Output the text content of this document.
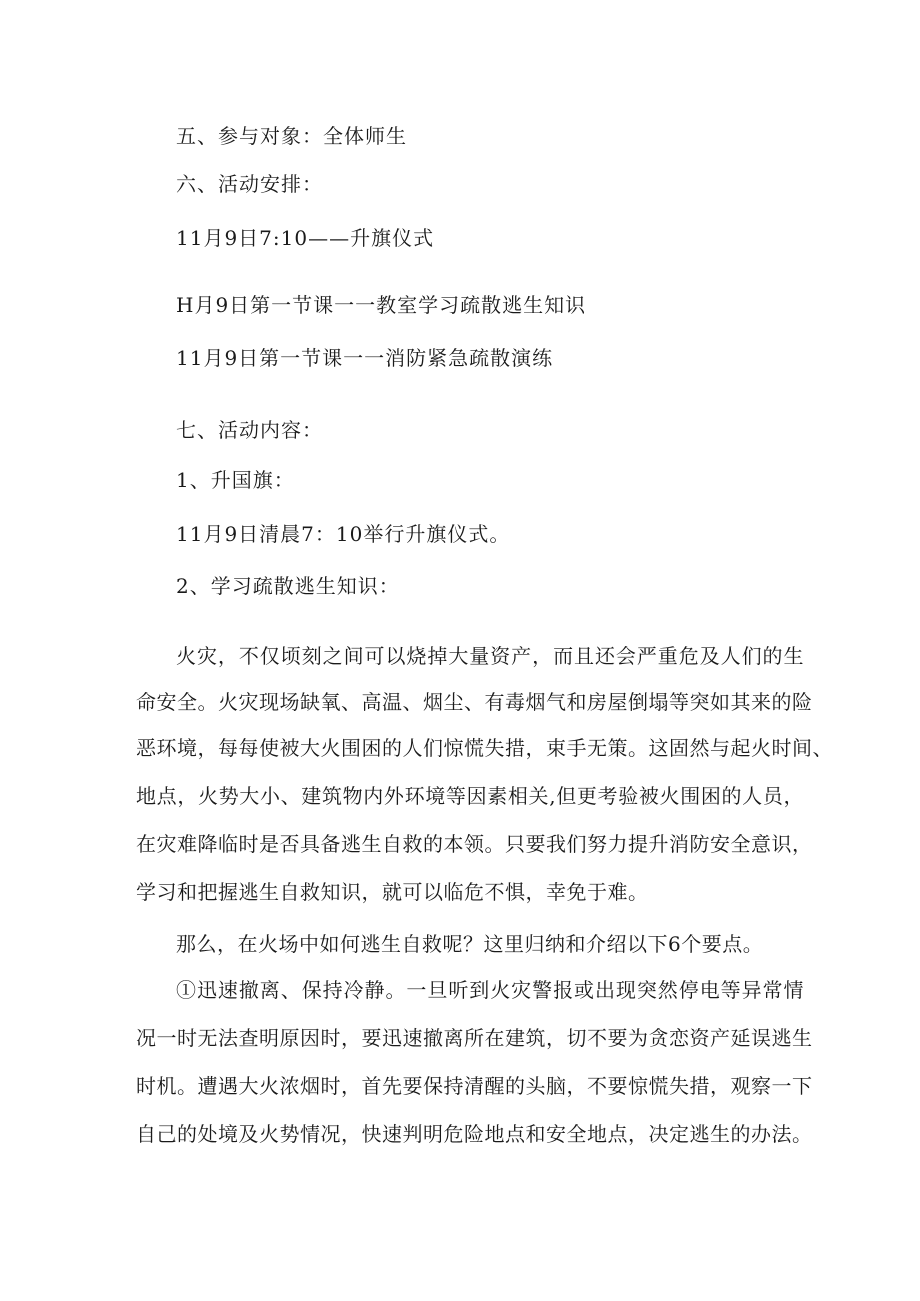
五、参与对象：全体师生
六、活动安排：
11月9日7:10——升旗仪式
H月9日第一节课一一教室学习疏散逃生知识
11月9日第一节课一一消防紧急疏散演练
七、活动内容：
1、升国旗：
11月9日清晨7：10举行升旗仪式。
2、学习疏散逃生知识：
火灾，不仅顷刻之间可以烧掉大量资产，而且还会严重危及人们的生
命安全。火灾现场缺氧、高温、烟尘、有毒烟气和房屋倒塌等突如其来的险
恶环境，每每使被大火围困的人们惊慌失措，束手无策。这固然与起火时间、
地点，火势大小、建筑物内外环境等因素相关,但更考验被火围困的人员，
在灾难降临时是否具备逃生自救的本领。只要我们努力提升消防安全意识，
学习和把握逃生自救知识，就可以临危不惧，幸免于难。
那么，在火场中如何逃生自救呢？这里归纳和介绍以下6个要点。
①迅速撤离、保持冷静。一旦听到火灾警报或出现突然停电等异常情
况一时无法查明原因时，要迅速撤离所在建筑，切不要为贪恋资产延误逃生
时机。遭遇大火浓烟时，首先要保持清醒的头脑，不要惊慌失措，观察一下
自己的处境及火势情况，快速判明危险地点和安全地点，决定逃生的办法。
